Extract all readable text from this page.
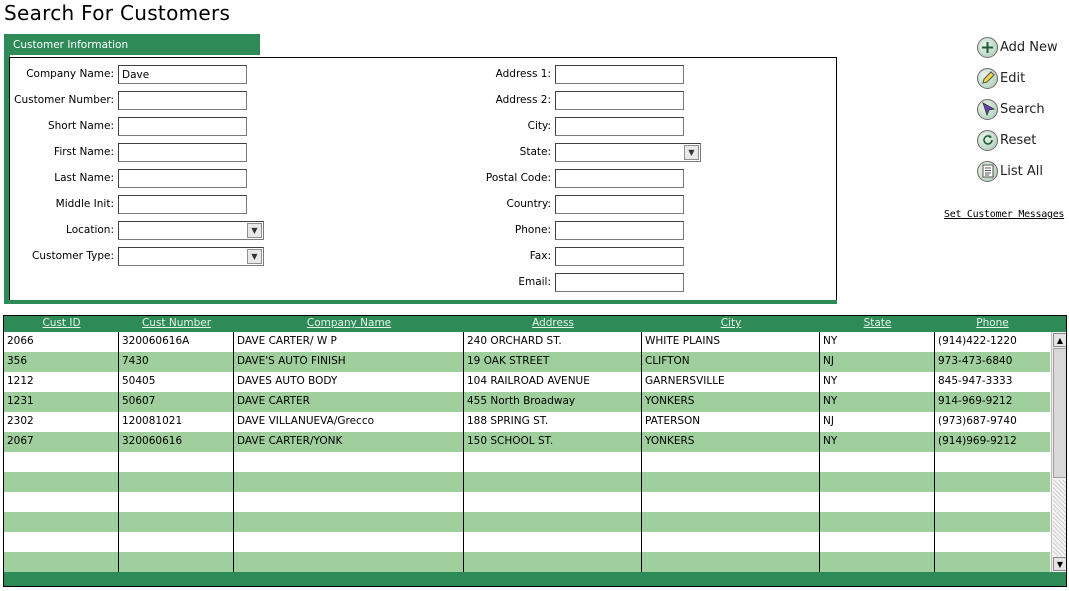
Search For Customers
Customer Information
Company Name:
Dave
Customer Number:
Short Name:
First Name:
Last Name:
Middle Init:
Location:	▼
Customer Type:	▼
Address 1:
Address 2:
City:
State:	▼
Postal Code:
Country:
Phone:
Fax:
Email:
Add New
Edit
Search
Reset
List All
Set Customer Messages
Cust ID	Cust Number	Company Name	Address	City	State	Phone
2066	320060616A	DAVE CARTER/ W P	240 ORCHARD ST.	WHITE PLAINS	NY	(914)422-1220
356	7430	DAVE'S AUTO FINISH	19 OAK STREET	CLIFTON	NJ	973-473-6840
1212	50405	DAVES AUTO BODY	104 RAILROAD AVENUE	GARNERSVILLE	NY	845-947-3333
1231	50607	DAVE CARTER	455 North Broadway	YONKERS	NY	914-969-9212
2302	120081021	DAVE VILLANUEVA/Grecco	188 SPRING ST.	PATERSON	NJ	(973)687-9740
2067	320060616	DAVE CARTER/YONK	150 SCHOOL ST.	YONKERS	NY	(914)969-9212
▲
▼
